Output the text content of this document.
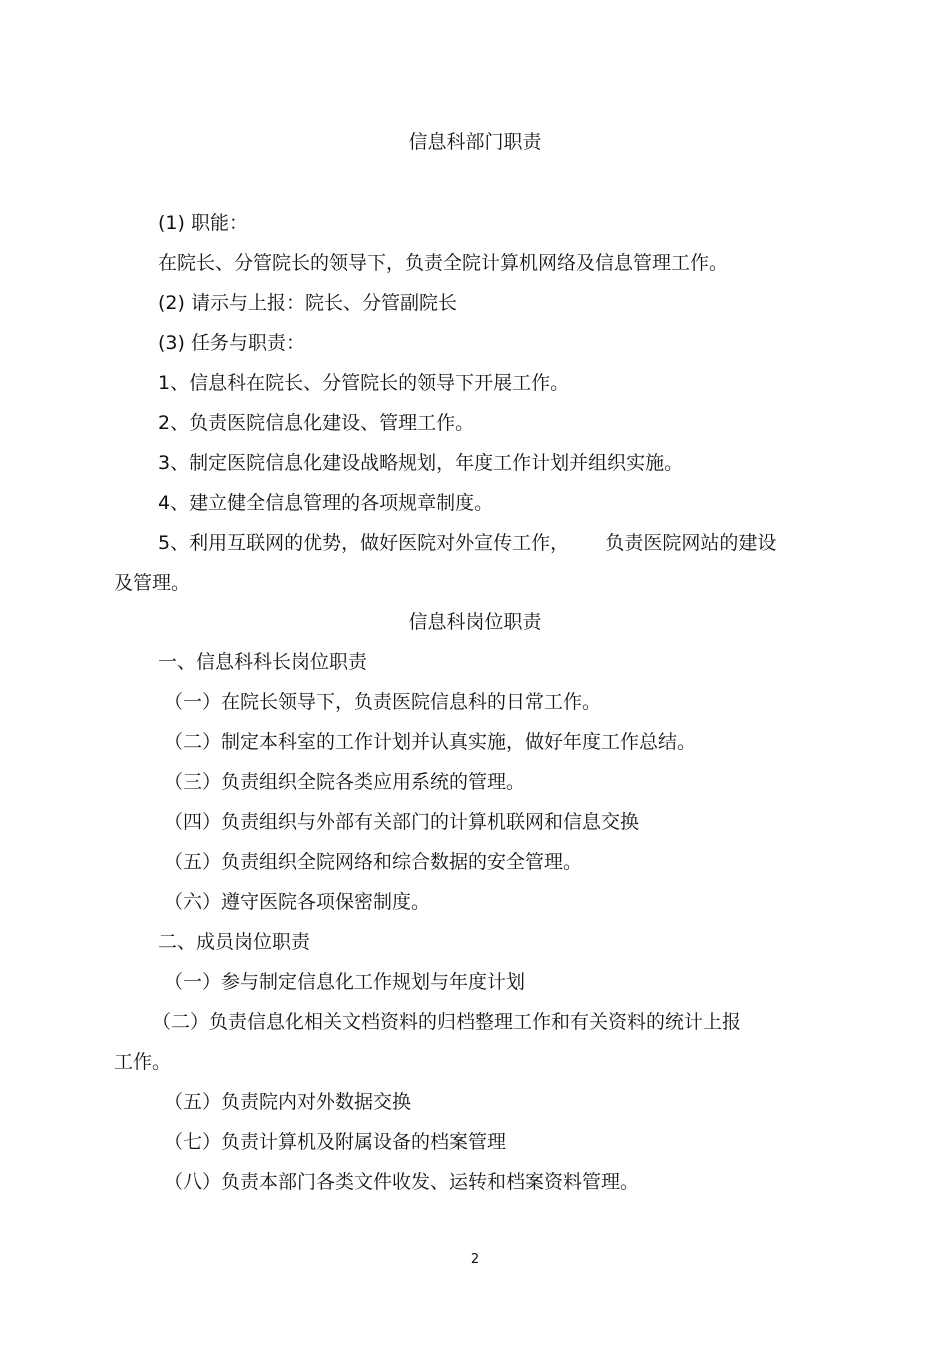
信息科部门职责

(1) 职能：

在院长、分管院长的领导下，负责全院计算机网络及信息管理工作。

(2) 请示与上报：院长、分管副院长

(3) 任务与职责：

1、信息科在院长、分管院长的领导下开展工作。

2、负责医院信息化建设、管理工作。

3、制定医院信息化建设战略规划，年度工作计划并组织实施。

4、建立健全信息管理的各项规章制度。

5、利用互联网的优势，做好医院对外宣传工作，      负责医院网站的建设

及管理。

信息科岗位职责

一、信息科科长岗位职责

（一）在院长领导下，负责医院信息科的日常工作。

（二）制定本科室的工作计划并认真实施，做好年度工作总结。

（三）负责组织全院各类应用系统的管理。

（四）负责组织与外部有关部门的计算机联网和信息交换

（五）负责组织全院网络和综合数据的安全管理。

（六）遵守医院各项保密制度。

二、成员岗位职责

（一）参与制定信息化工作规划与年度计划

（二）负责信息化相关文档资料的归档整理工作和有关资料的统计上报

工作。

（五）负责院内对外数据交换

（七）负责计算机及附属设备的档案管理

（八）负责本部门各类文件收发、运转和档案资料管理。

2
